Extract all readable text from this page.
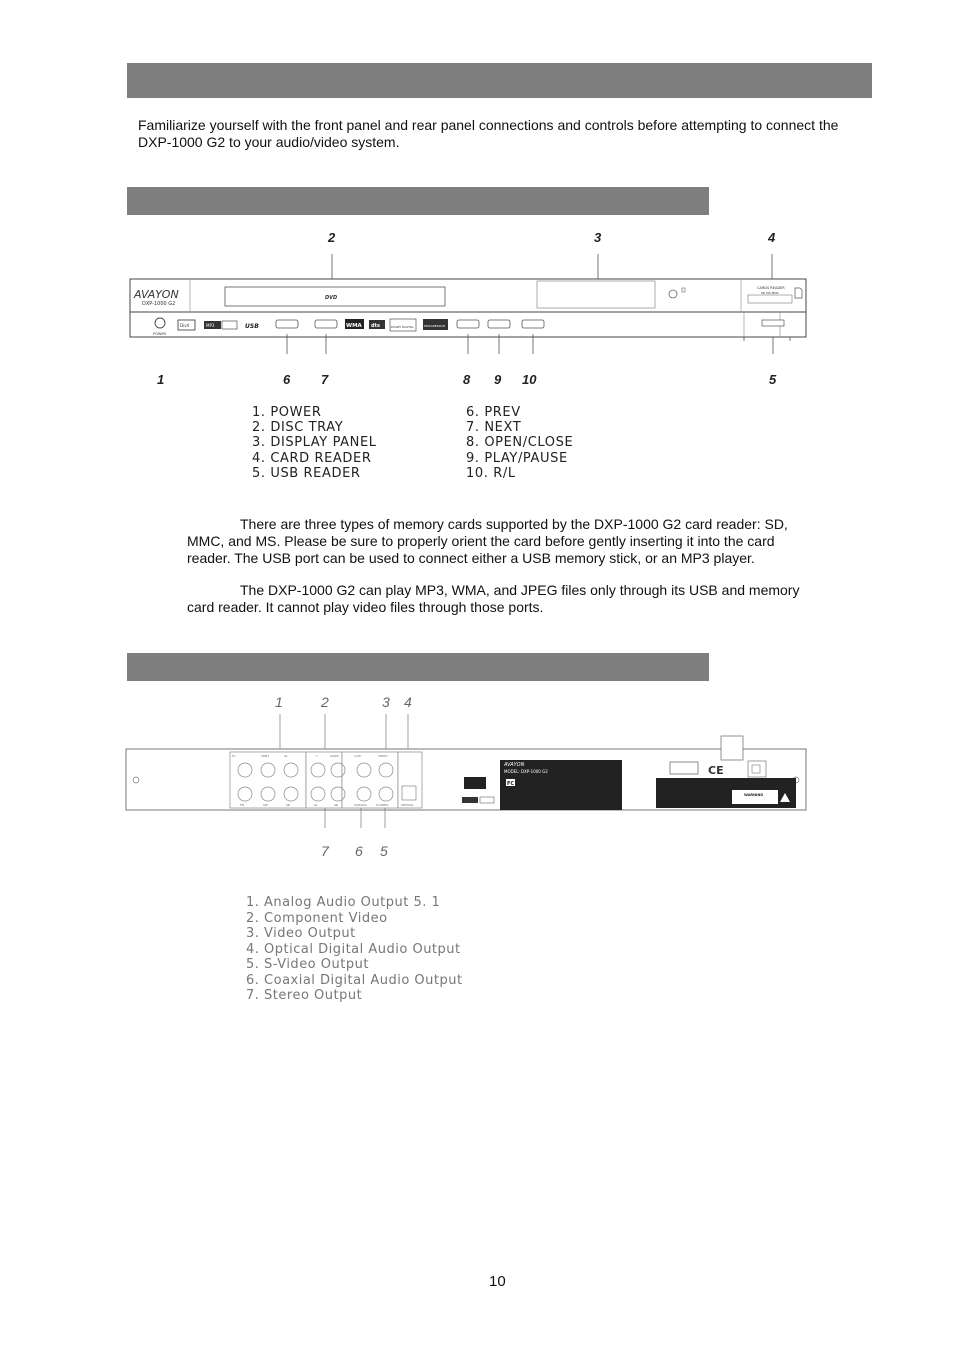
Familiarize yourself with the front panel and rear panel connections and controls before attempting to connect the DXP-1000 G2 to your audio/video system.
2	3	4
AVAYON
DXP-1000 G2
DVD
POWER
CARDS READER
SD MS MMC
DivX	MP3	USB	WMA dts	DOLBY DIGITAL	PROGRESSIVE
1	6 7	8 9 10	5
1. POWER
2. DISC TRAY
3. DISPLAY PANEL
4. CARD READER
5. USB READER
6. PREV
7. NEXT
8. OPEN/CLOSE
9. PLAY/PAUSE
10. R/L
There are three types of memory cards supported by the DXP-1000 G2 card reader: SD, MMC, and MS. Please be sure to properly orient the card before gently inserting it into the card reader. The USB port can be used to connect either a USB memory stick, or an MP3 player.
The DXP-1000 G2 can play MP3, WMA, and JPEG files only through its USB and memory card reader. It cannot play video files through those ports.
1	2	3 4
FL	CENT	SL
FR	SW	SR
Y	Cb/Pb	Cr/Pr	VIDEO
AL	AR	COAXIAL	S-VIDEO	OPTICAL
AVAYON
MODEL: DXP-1000 G2
FC
CE
WARNING
7 6 5
1. Analog Audio Output 5. 1
2. Component Video
3. Video Output
4. Optical Digital Audio Output
5. S-Video Output
6. Coaxial Digital Audio Output
7. Stereo Output
10
